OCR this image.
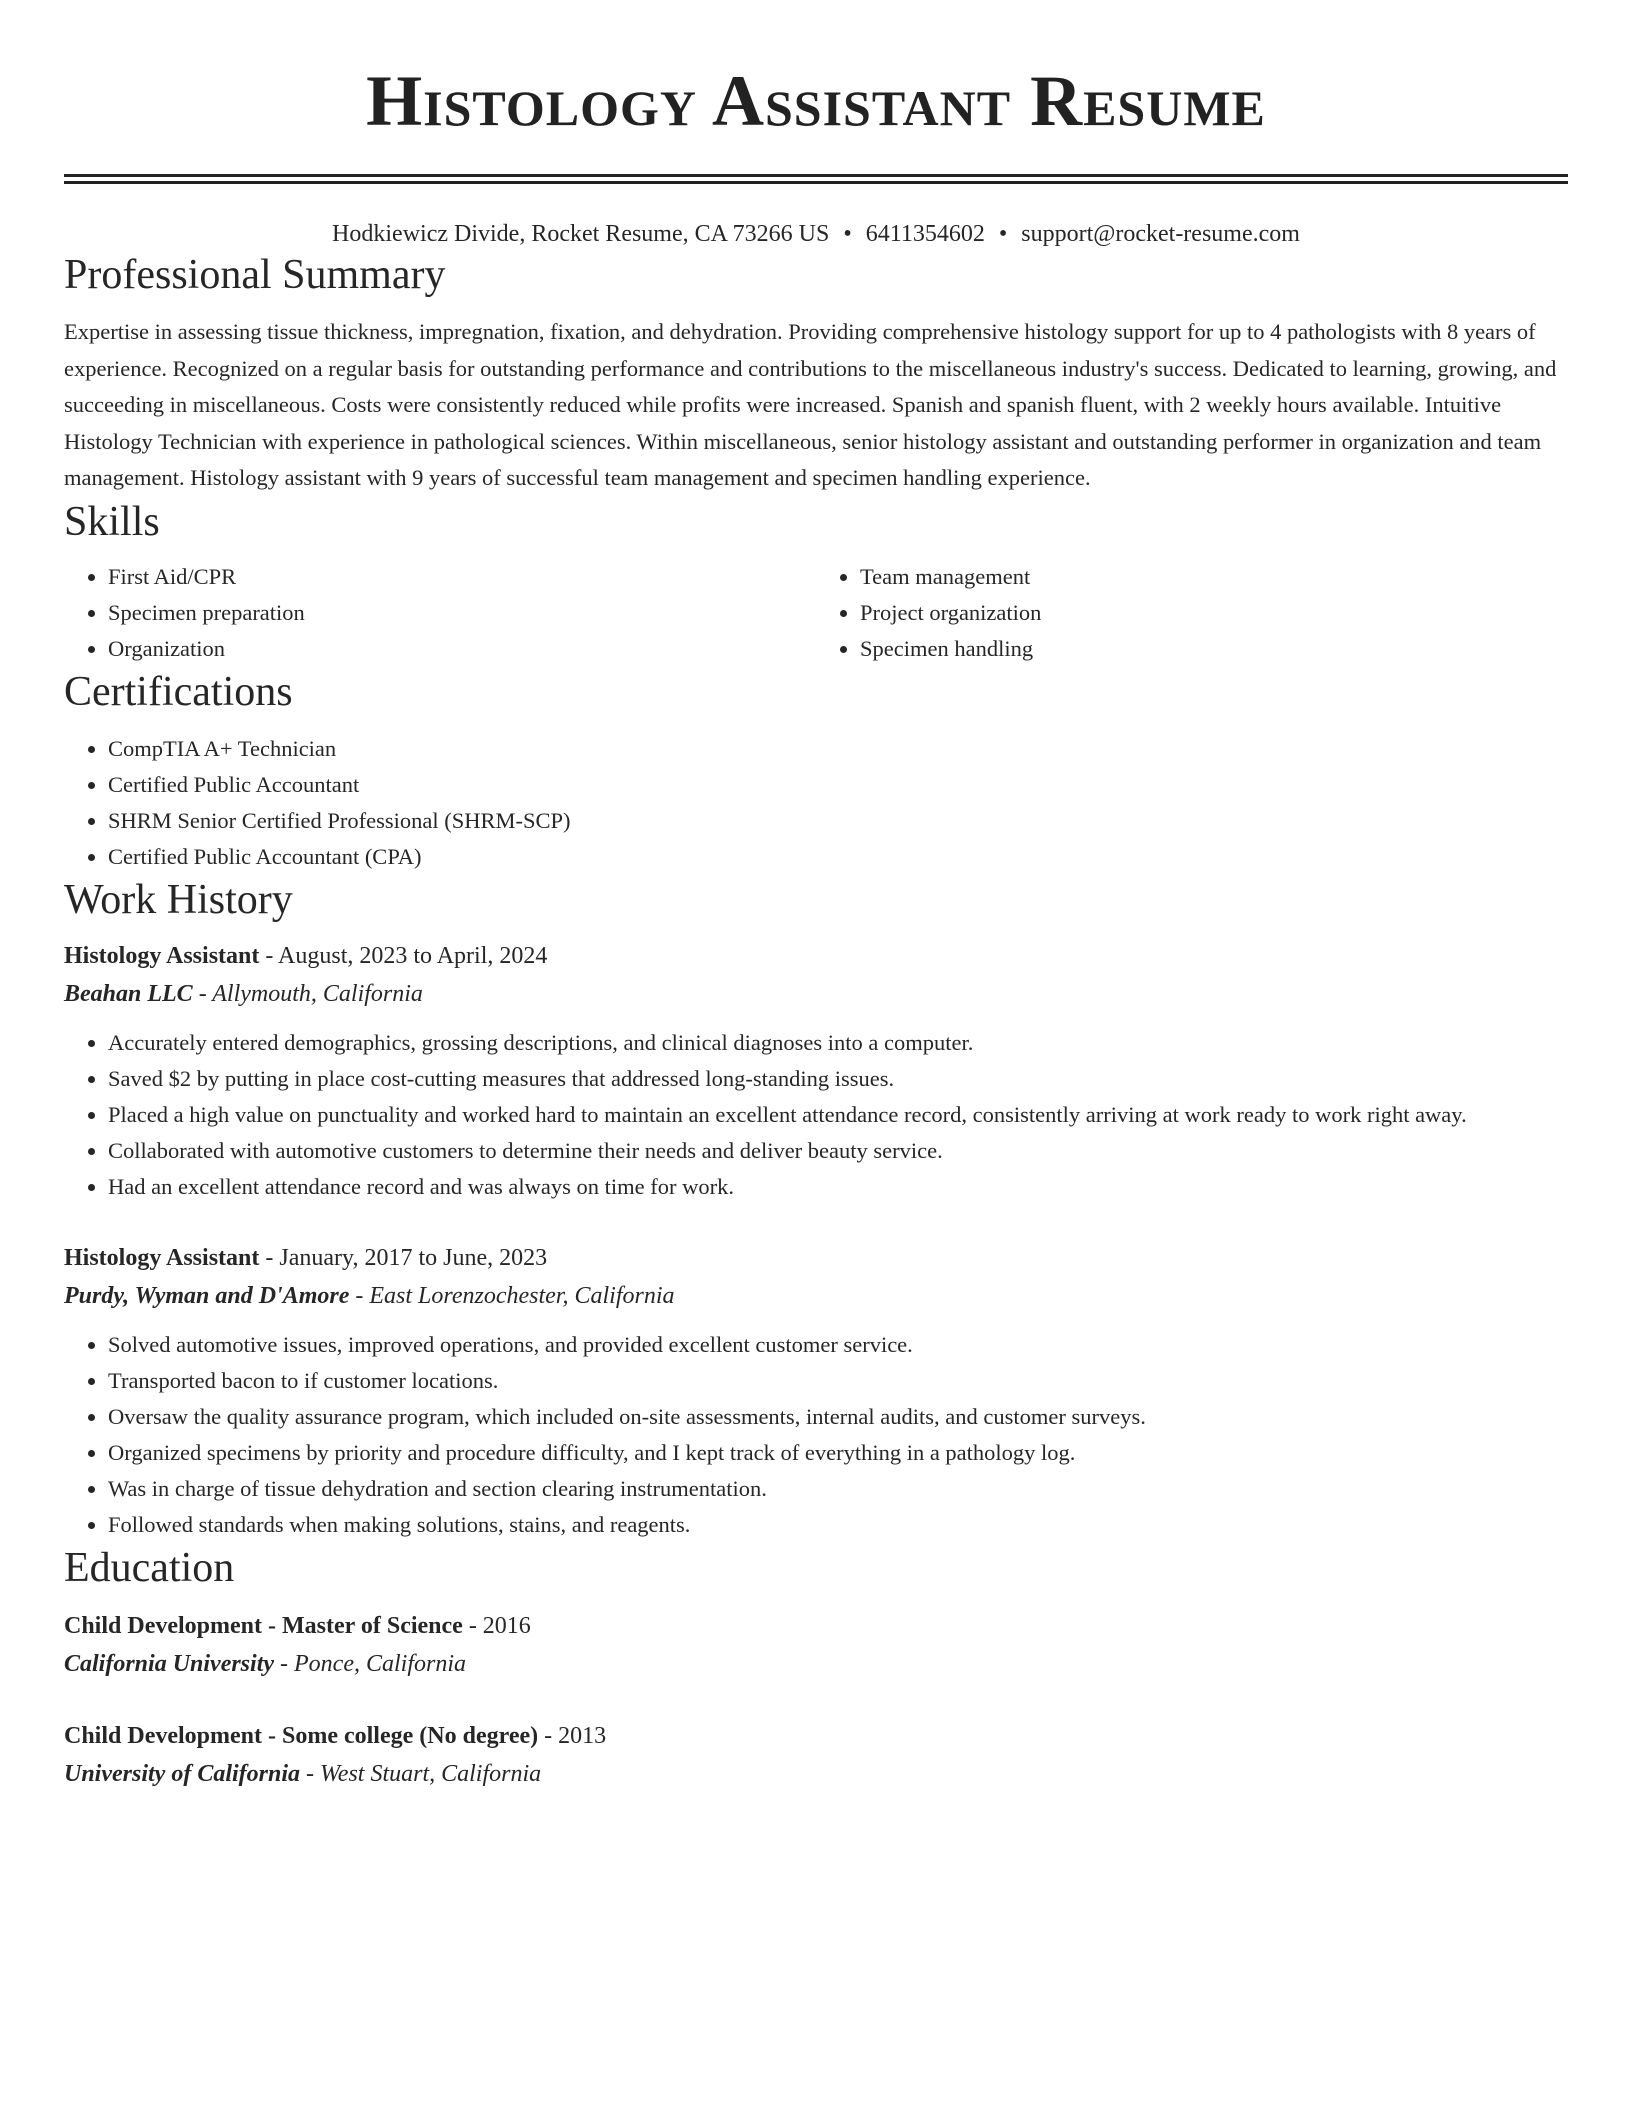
Histology Assistant Resume
Hodkiewicz Divide, Rocket Resume, CA 73266 US • 6411354602 • support@rocket-resume.com
Professional Summary

Expertise in assessing tissue thickness, impregnation, fixation, and dehydration. Providing comprehensive histology support for up to 4 pathologists with 8 years of experience. Recognized on a regular basis for outstanding performance and contributions to the miscellaneous industry's success. Dedicated to learning, growing, and succeeding in miscellaneous. Costs were consistently reduced while profits were increased. Spanish and spanish fluent, with 2 weekly hours available. Intuitive Histology Technician with experience in pathological sciences. Within miscellaneous, senior histology assistant and outstanding performer in organization and team management. Histology assistant with 9 years of successful team management and specimen handling experience.

Skills
• First Aid/CPR
• Specimen preparation
• Organization
• Team management
• Project organization
• Specimen handling
Certifications
• CompTIA A+ Technician
• Certified Public Accountant
• SHRM Senior Certified Professional (SHRM-SCP)
• Certified Public Accountant (CPA)
Work History
Histology Assistant - August, 2023 to April, 2024
Beahan LLC - Allymouth, California
• Accurately entered demographics, grossing descriptions, and clinical diagnoses into a computer.
• Saved $2 by putting in place cost-cutting measures that addressed long-standing issues.
• Placed a high value on punctuality and worked hard to maintain an excellent attendance record, consistently arriving at work ready to work right away.
• Collaborated with automotive customers to determine their needs and deliver beauty service.
• Had an excellent attendance record and was always on time for work.
Histology Assistant - January, 2017 to June, 2023
Purdy, Wyman and D'Amore - East Lorenzochester, California
• Solved automotive issues, improved operations, and provided excellent customer service.
• Transported bacon to if customer locations.
• Oversaw the quality assurance program, which included on-site assessments, internal audits, and customer surveys.
• Organized specimens by priority and procedure difficulty, and I kept track of everything in a pathology log.
• Was in charge of tissue dehydration and section clearing instrumentation.
• Followed standards when making solutions, stains, and reagents.
Education
Child Development - Master of Science - 2016
California University - Ponce, California
Child Development - Some college (No degree) - 2013
University of California - West Stuart, California
